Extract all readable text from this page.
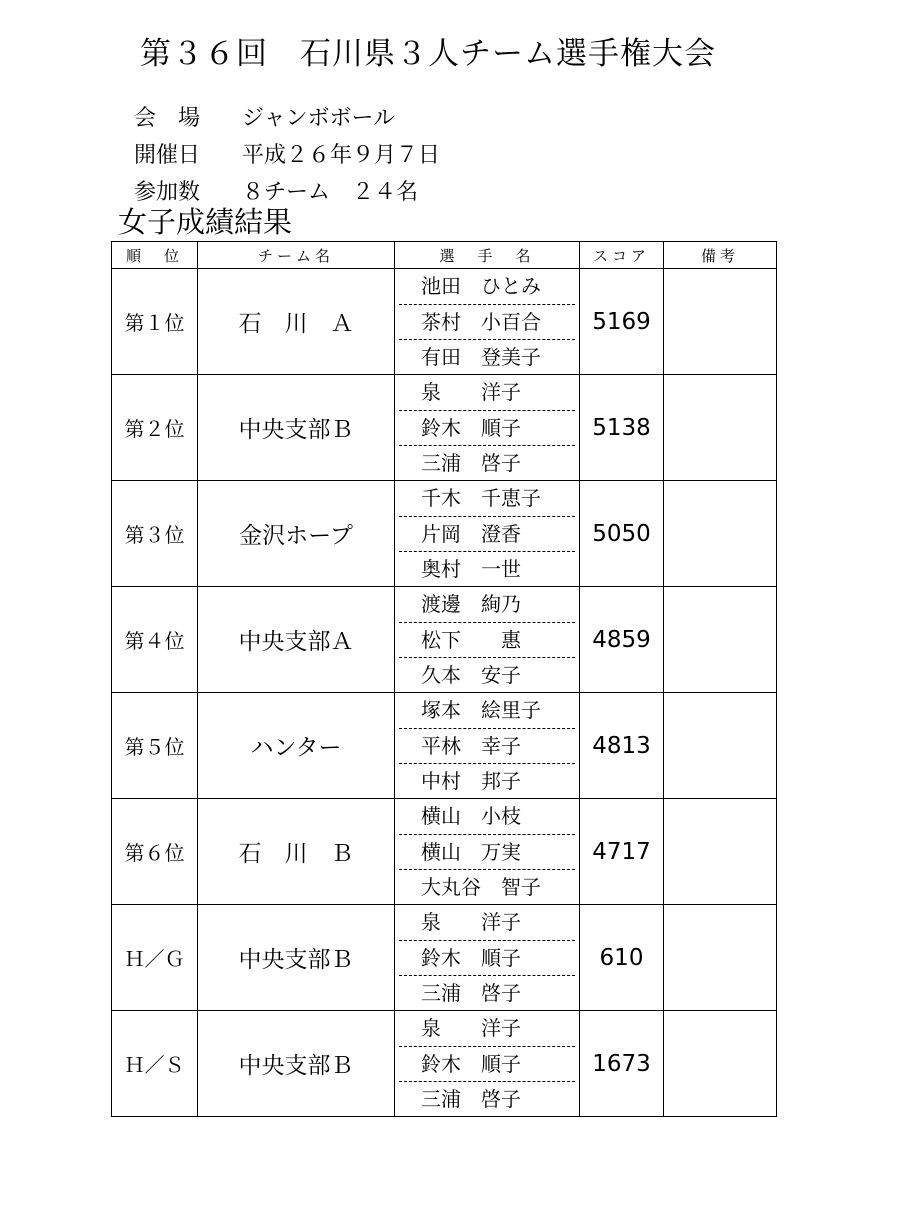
第３６回　石川県３人チーム選手権大会

会　場 ジャンボボール

開催日 平成２６年９月７日

参加数 ８チーム　２４名

女子成績結果
順　位	チーム名	選　手　名	スコア	備考
第１位	石　川　Ａ	池田　ひとみ
茶村　小百合
有田　登美子	5169	
第２位	中央支部Ｂ	泉　　洋子
鈴木　順子
三浦　啓子	5138	
第３位	金沢ホープ	千木　千恵子
片岡　澄香
奥村　一世	5050	
第４位	中央支部Ａ	渡邊　絢乃
松下　　惠
久本　安子	4859	
第５位	ハンター	塚本　絵里子
平林　幸子
中村　邦子	4813	
第６位	石　川　Ｂ	横山　小枝
横山　万実
大丸谷　智子	4717	
Ｈ／Ｇ	中央支部Ｂ	泉　　洋子
鈴木　順子
三浦　啓子	610	
Ｈ／Ｓ	中央支部Ｂ	泉　　洋子
鈴木　順子
三浦　啓子	1673	
